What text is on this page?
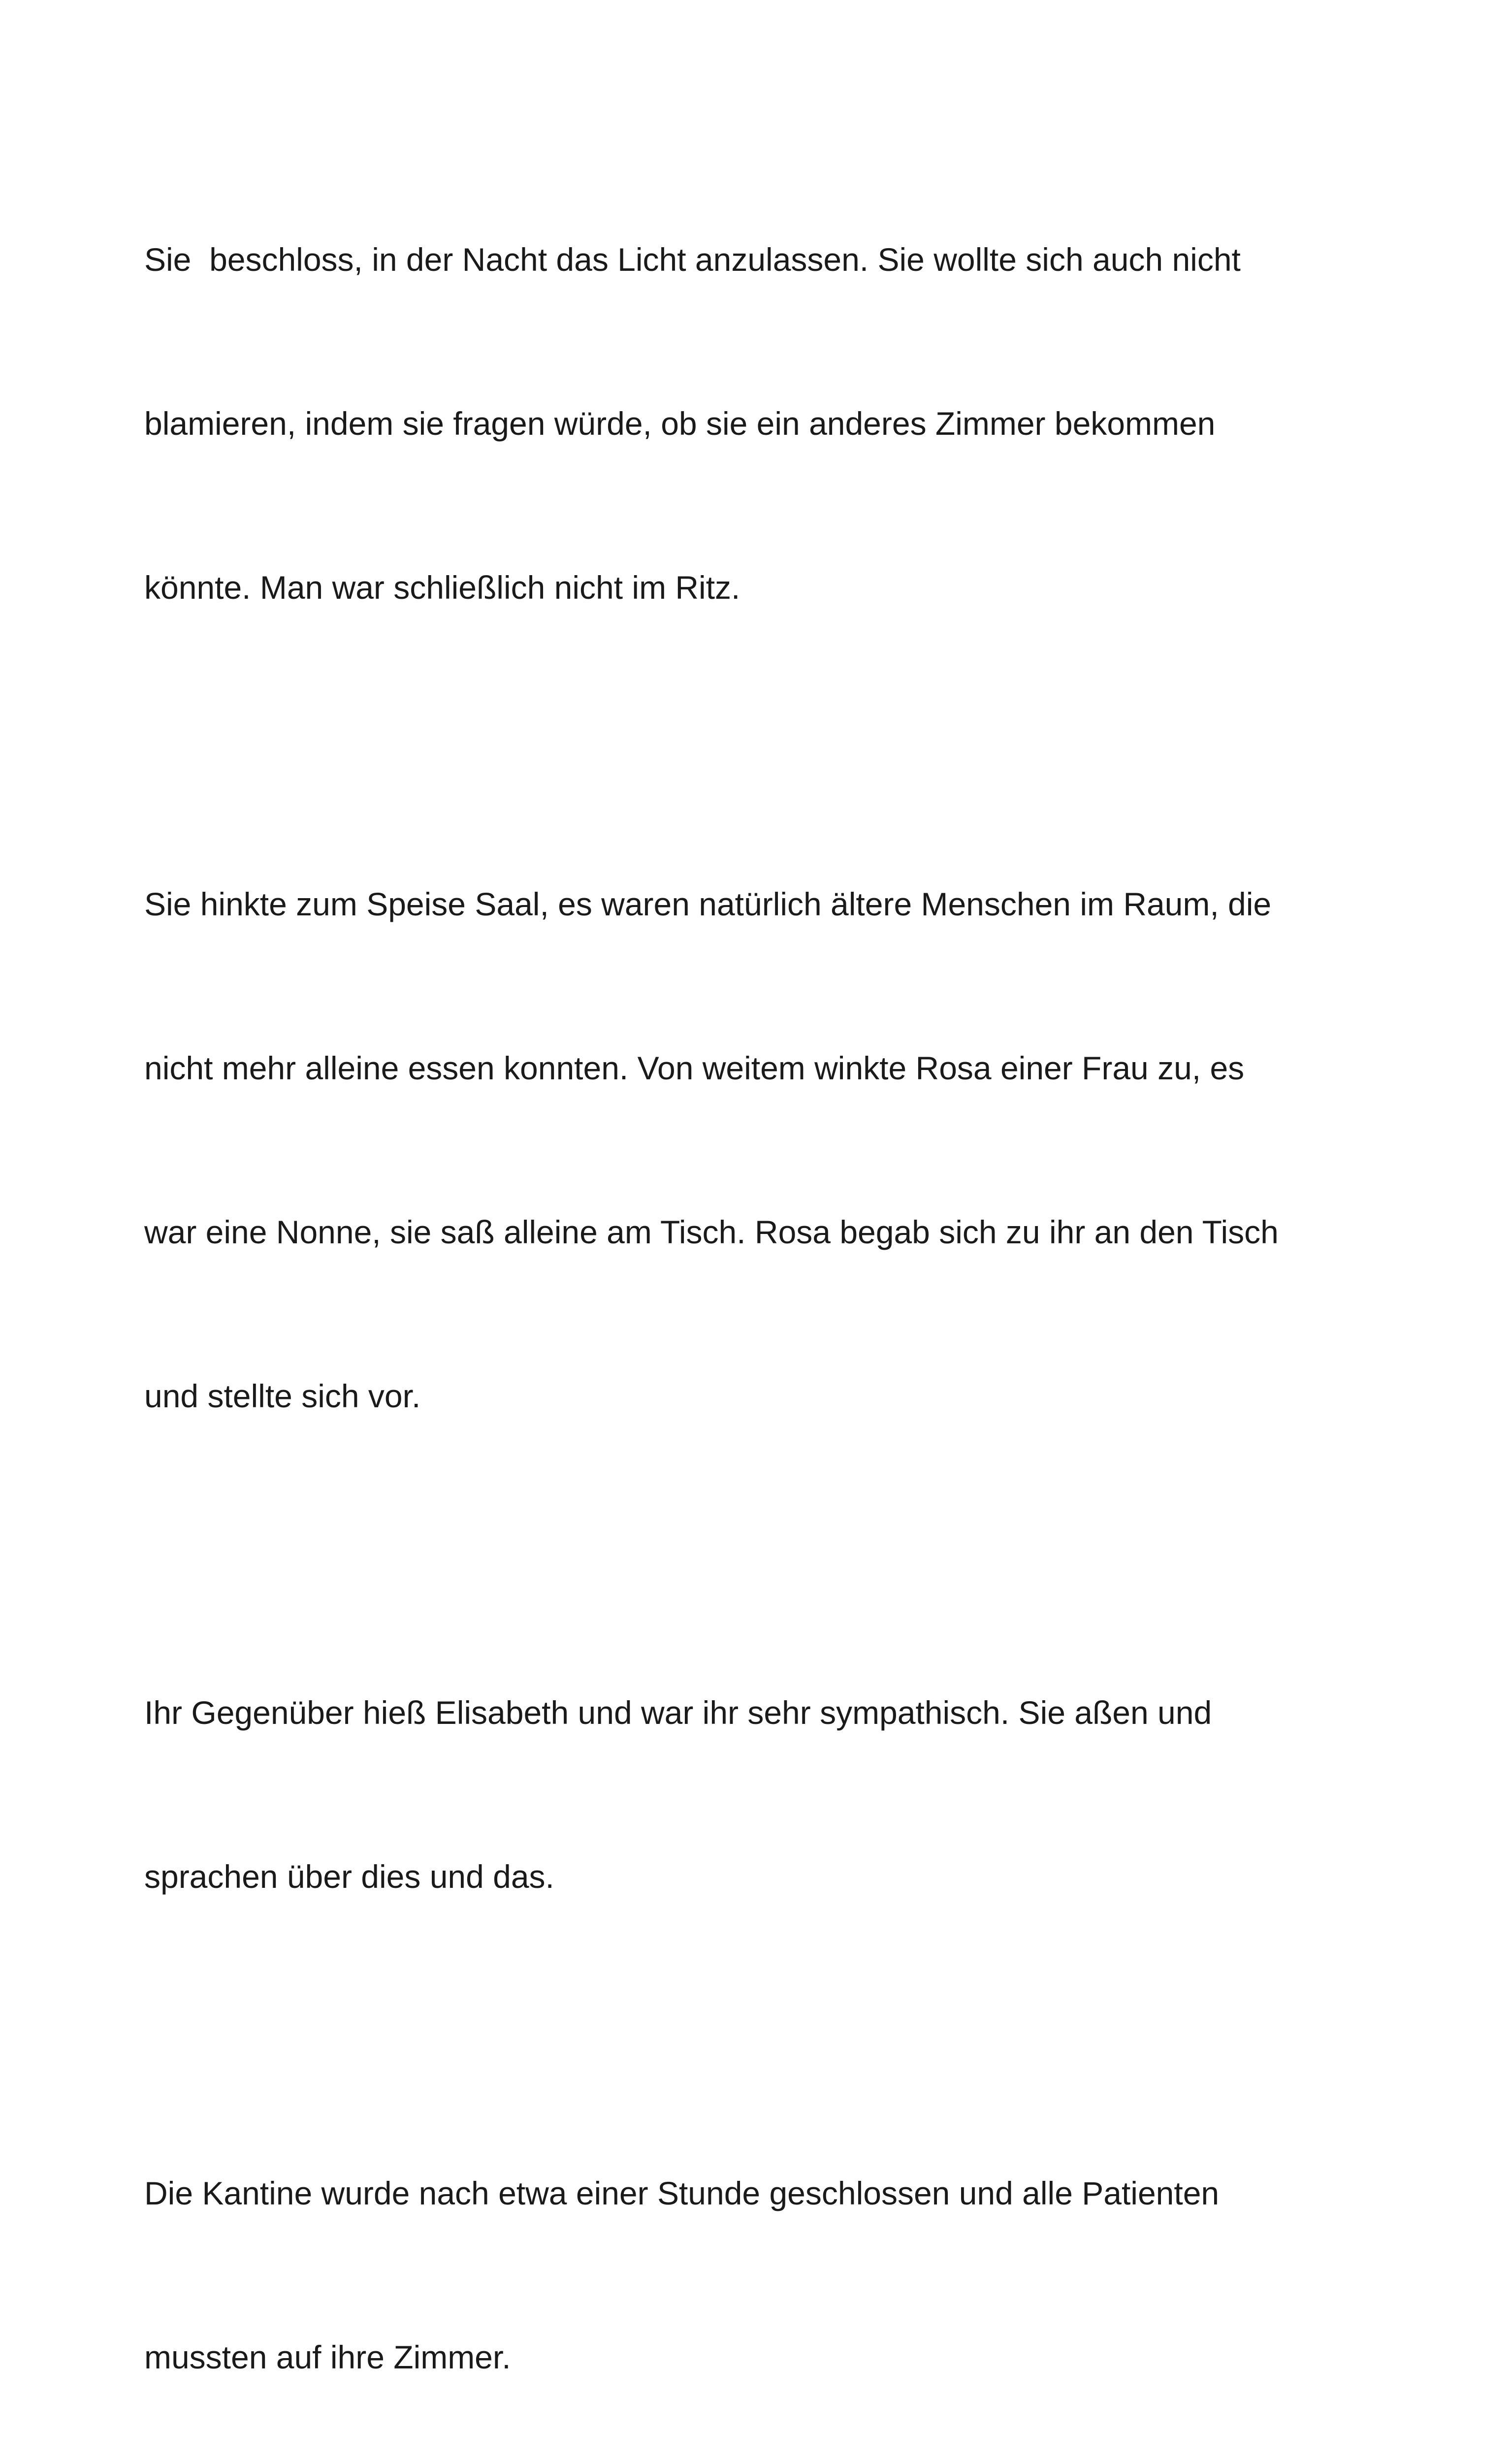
Sie  beschloss, in der Nacht das Licht anzulassen. Sie wollte sich auch nicht

blamieren, indem sie fragen würde, ob sie ein anderes Zimmer bekommen

könnte. Man war schließlich nicht im Ritz.

Sie hinkte zum Speise Saal, es waren natürlich ältere Menschen im Raum, die

nicht mehr alleine essen konnten. Von weitem winkte Rosa einer Frau zu, es

war eine Nonne, sie saß alleine am Tisch. Rosa begab sich zu ihr an den Tisch

und stellte sich vor.

Ihr Gegenüber hieß Elisabeth und war ihr sehr sympathisch. Sie aßen und

sprachen über dies und das.

Die Kantine wurde nach etwa einer Stunde geschlossen und alle Patienten

mussten auf ihre Zimmer.
